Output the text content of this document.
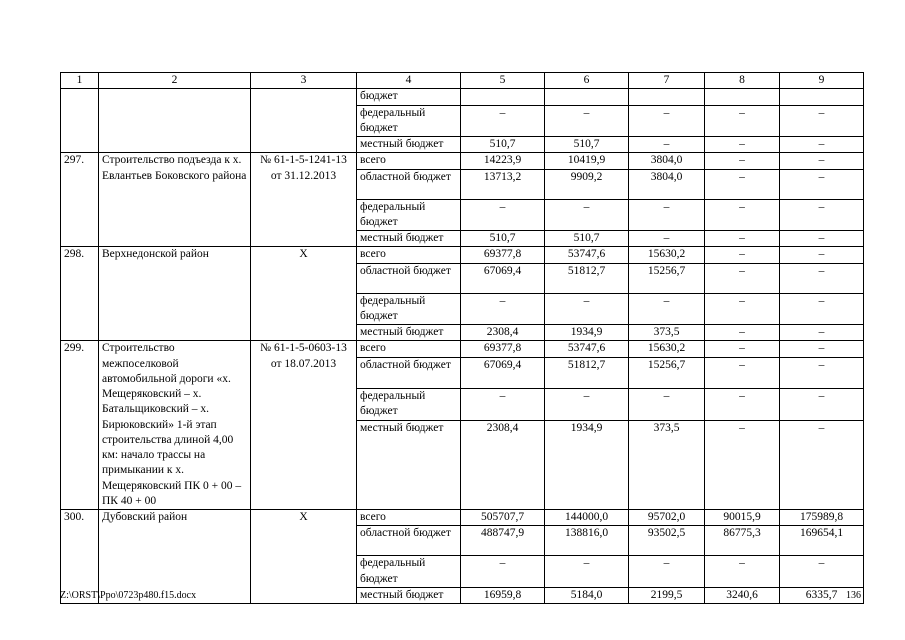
1	2	3	4	5	6	7	8	9
			бюджет					
			федеральный бюджет	–	–	–	–	–
			местный бюджет	510,7	510,7	–	–	–
297.	Строительство подъезда к х. Евлантьев Боковского района	№ 61-1-5-1241-13 от 31.12.2013	всего	14223,9	10419,9	3804,0	–	–
			областной бюджет	13713,2	9909,2	3804,0	–	–
			федеральный бюджет	–	–	–	–	–
			местный бюджет	510,7	510,7	–	–	–
298.	Верхнедонской район	Х	всего	69377,8	53747,6	15630,2	–	–
			областной бюджет	67069,4	51812,7	15256,7	–	–
			федеральный бюджет	–	–	–	–	–
			местный бюджет	2308,4	1934,9	373,5	–	–
299.	Строительство межпоселковой автомобильной дороги «х. Мещеряковский – х. Батальщиковский – х. Бирюковский» 1-й этап строительства длиной 4,00 км: начало трассы на примыкании к х. Мещеряковский ПК 0 + 00 – ПК 40 + 00	№ 61-1-5-0603-13 от 18.07.2013	всего	69377,8	53747,6	15630,2	–	–
			областной бюджет	67069,4	51812,7	15256,7	–	–
			федеральный бюджет	–	–	–	–	–
			местный бюджет	2308,4	1934,9	373,5	–	–
300.	Дубовский район	Х	всего	505707,7	144000,0	95702,0	90015,9	175989,8
			областной бюджет	488747,9	138816,0	93502,5	86775,3	169654,1
			федеральный бюджет	–	–	–	–	–
			местный бюджет	16959,8	5184,0	2199,5	3240,6	6335,7
Z:\ORST\Ppo\0723p480.f15.docx	136
